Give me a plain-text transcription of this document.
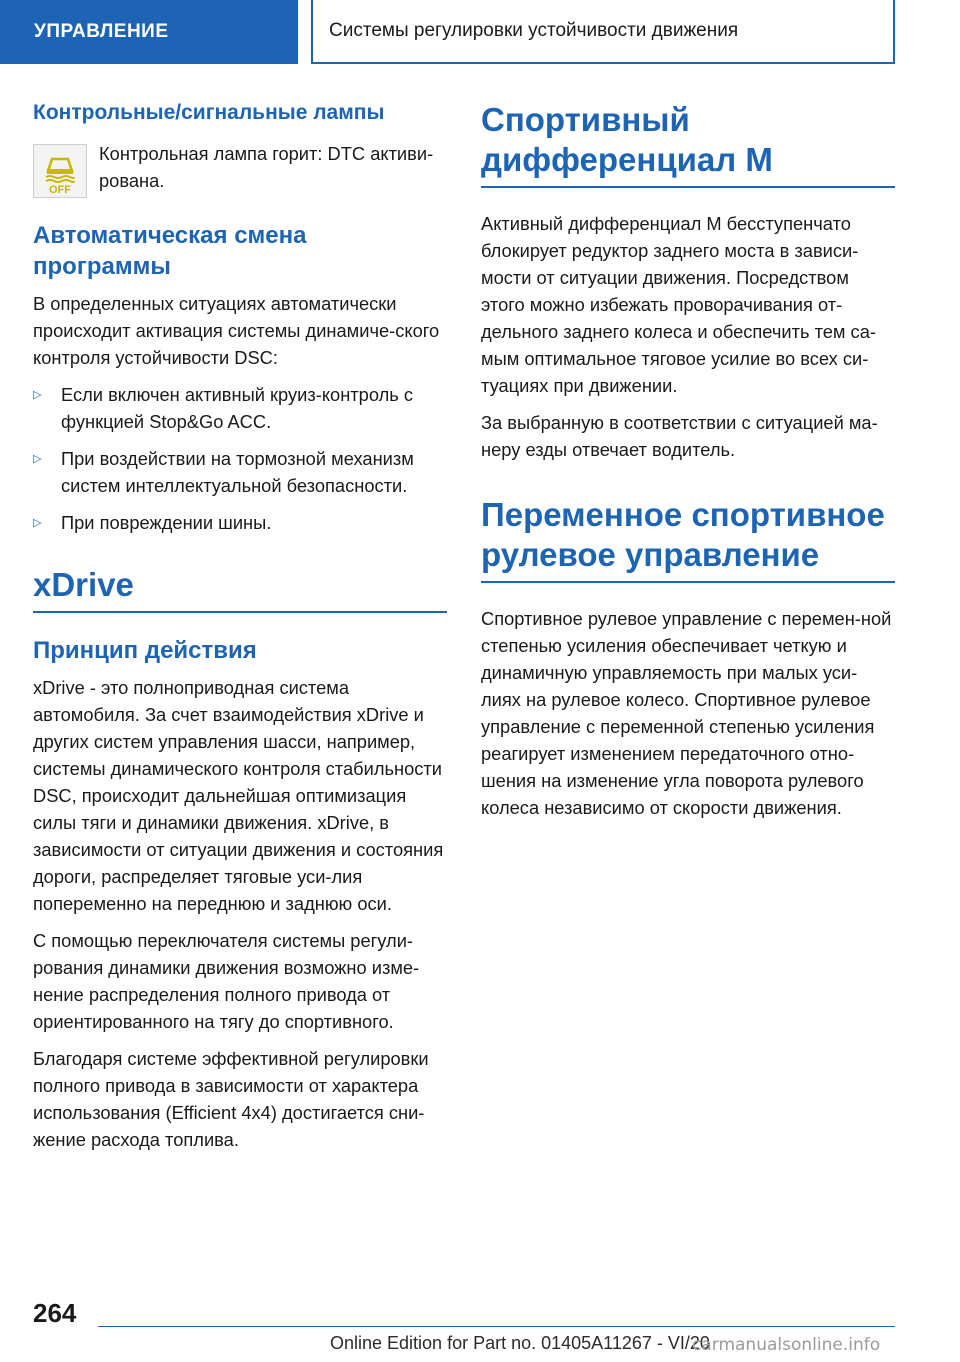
УПРАВЛЕНИЕ	Системы регулировки устойчивости движения
Контрольные/сигнальные лампы
OFF
Контрольная лампа горит: DTC активи-рована.
Автоматическая смена программы

В определенных ситуациях автоматически происходит активация системы динамиче-ского контроля устойчивости DSC:

▷	Если включен активный круиз-контроль с функцией Stop&Go ACC.
▷	При воздействии на тормозной механизм систем интеллектуальной безопасности.
▷	При повреждении шины.
xDrive
Принцип действия

xDrive - это полноприводная система автомобиля. За счет взаимодействия xDrive и других систем управления шасси, например, системы динамического контроля стабильности DSC, происходит дальнейшая оптимизация силы тяги и динамики движения. xDrive, в зависимости от ситуации движения и состояния дороги, распределяет тяговые уси-лия попеременно на переднюю и заднюю оси.

С помощью переключателя системы регули-рования динамики движения возможно изме-нение распределения полного привода от ориентированного на тягу до спортивного.

Благодаря системе эффективной регулировки полного привода в зависимости от характера использования (Efficient 4x4) достигается сни-жение расхода топлива.

Спортивный дифференциал M

Активный дифференциал M бесступенчато блокирует редуктор заднего моста в зависи-мости от ситуации движения. Посредством этого можно избежать проворачивания от-дельного заднего колеса и обеспечить тем са-мым оптимальное тяговое усилие во всех си-туациях при движении.

За выбранную в соответствии с ситуацией ма-неру езды отвечает водитель.

Переменное спортивное рулевое управление

Спортивное рулевое управление с перемен-ной степенью усиления обеспечивает четкую и динамичную управляемость при малых уси-лиях на рулевое колесо. Спортивное рулевое управление с переменной степенью усиления реагирует изменением передаточного отно-шения на изменение угла поворота рулевого колеса независимо от скорости движения.

264
Online Edition for Part no. 01405A11267 - VI/20
carmanualsonline.info
